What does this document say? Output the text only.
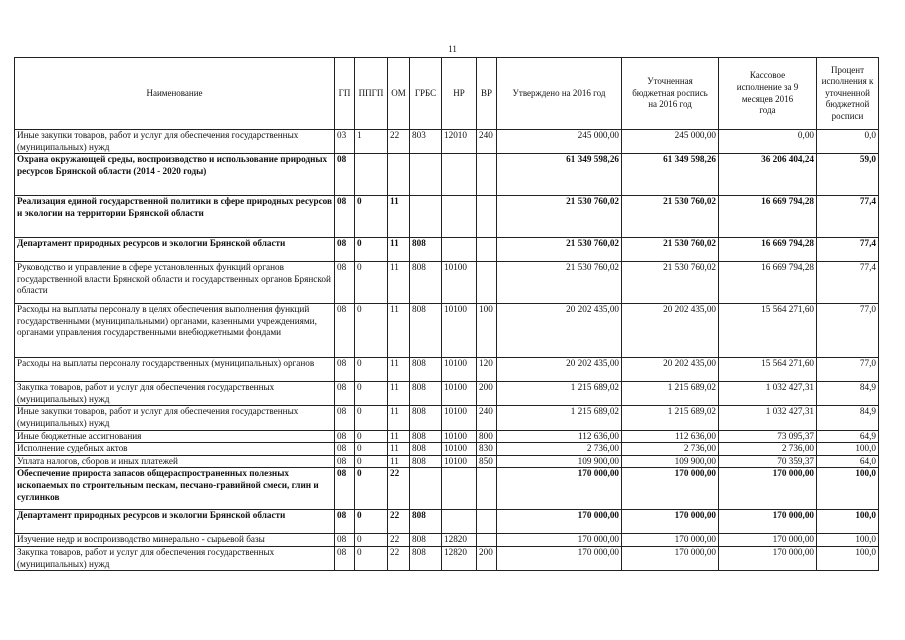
11
Наименование	ГП	ППГП	ОМ	ГРБС	НР	ВР	Утверждено на 2016 год	Уточненная бюджетная роспись на 2016 год	Кассовое исполнение за 9 месяцев 2016 года	Процент исполнения к уточненной бюджетной росписи
Иные закупки товаров, работ и услуг для обеспечения государственных (муниципальных) нужд	03	1	22	803	12010	240	245 000,00	245 000,00	0,00	0,0
Охрана окружающей среды, воспроизводство и использование природных ресурсов Брянской области (2014 - 2020 годы)	08						61 349 598,26	61 349 598,26	36 206 404,24	59,0
Реализация единой государственной политики в сфере природных ресурсов и экологии на территории Брянской области	08	0	11				21 530 760,02	21 530 760,02	16 669 794,28	77,4
Департамент природных ресурсов и экологии Брянской области	08	0	11	808			21 530 760,02	21 530 760,02	16 669 794,28	77,4
Руководство и управление в сфере установленных функций органов государственной власти Брянской области и государственных органов Брянской области	08	0	11	808	10100		21 530 760,02	21 530 760,02	16 669 794,28	77,4
Расходы на выплаты персоналу в целях обеспечения выполнения функций государственными (муниципальными) органами, казенными учреждениями, органами управления государственными внебюджетными фондами	08	0	11	808	10100	100	20 202 435,00	20 202 435,00	15 564 271,60	77,0
Расходы на выплаты персоналу государственных (муниципальных) органов	08	0	11	808	10100	120	20 202 435,00	20 202 435,00	15 564 271,60	77,0
Закупка товаров, работ и услуг для обеспечения государственных (муниципальных) нужд	08	0	11	808	10100	200	1 215 689,02	1 215 689,02	1 032 427,31	84,9
Иные закупки товаров, работ и услуг для обеспечения государственных (муниципальных) нужд	08	0	11	808	10100	240	1 215 689,02	1 215 689,02	1 032 427,31	84,9
Иные бюджетные ассигнования	08	0	11	808	10100	800	112 636,00	112 636,00	73 095,37	64,9
Исполнение судебных актов	08	0	11	808	10100	830	2 736,00	2 736,00	2 736,00	100,0
Уплата налогов, сборов и иных платежей	08	0	11	808	10100	850	109 900,00	109 900,00	70 359,37	64,0
Обеспечение прироста запасов общераспространенных полезных ископаемых по строительным пескам, песчано-гравийной смеси, глин и суглинков	08	0	22				170 000,00	170 000,00	170 000,00	100,0
Департамент природных ресурсов и экологии Брянской области	08	0	22	808			170 000,00	170 000,00	170 000,00	100,0
Изучение недр и воспроизводство минерально - сырьевой базы	08	0	22	808	12820		170 000,00	170 000,00	170 000,00	100,0
Закупка товаров, работ и услуг для обеспечения государственных (муниципальных) нужд	08	0	22	808	12820	200	170 000,00	170 000,00	170 000,00	100,0
